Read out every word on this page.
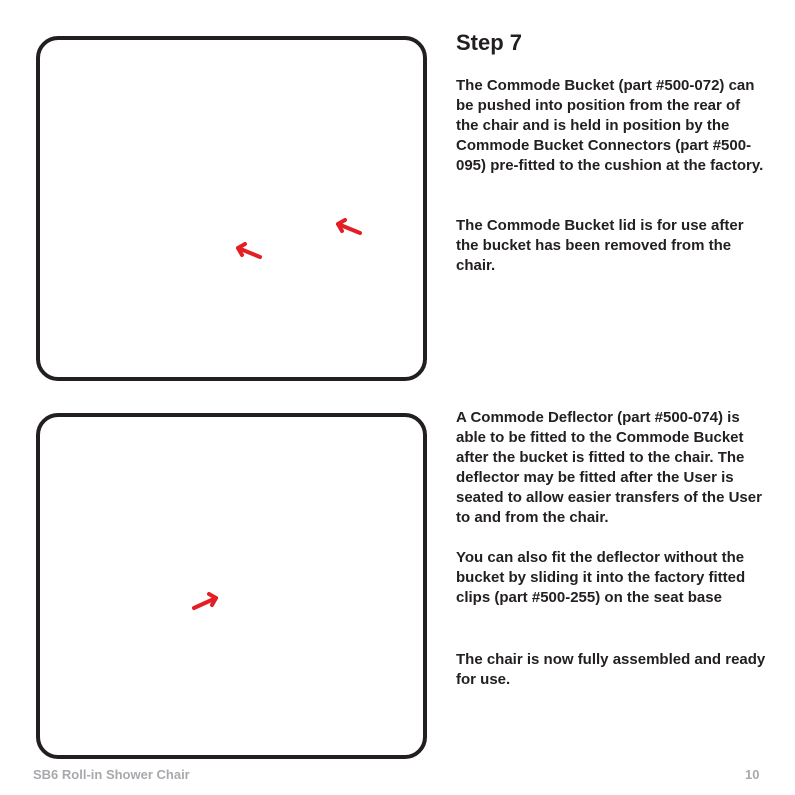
Step 7

The Commode Bucket (part #500-072) can be pushed into position from the rear of the chair and is held in position by the Commode Bucket Connectors (part #500-095) pre-fitted to the cushion at the factory.

The Commode Bucket lid is for use after the bucket has been removed from the chair.

A Commode Deflector (part #500-074) is able to be fitted to the Commode Bucket after the bucket is fitted to the chair. The deflector may be fitted after the User is seated to allow easier transfers of the User to and from the chair.

You can also fit the deflector without the bucket by sliding it into the factory fitted clips (part #500-255) on the seat base

The chair is now fully assembled and ready for use.

SB6 Roll-in Shower Chair	10
